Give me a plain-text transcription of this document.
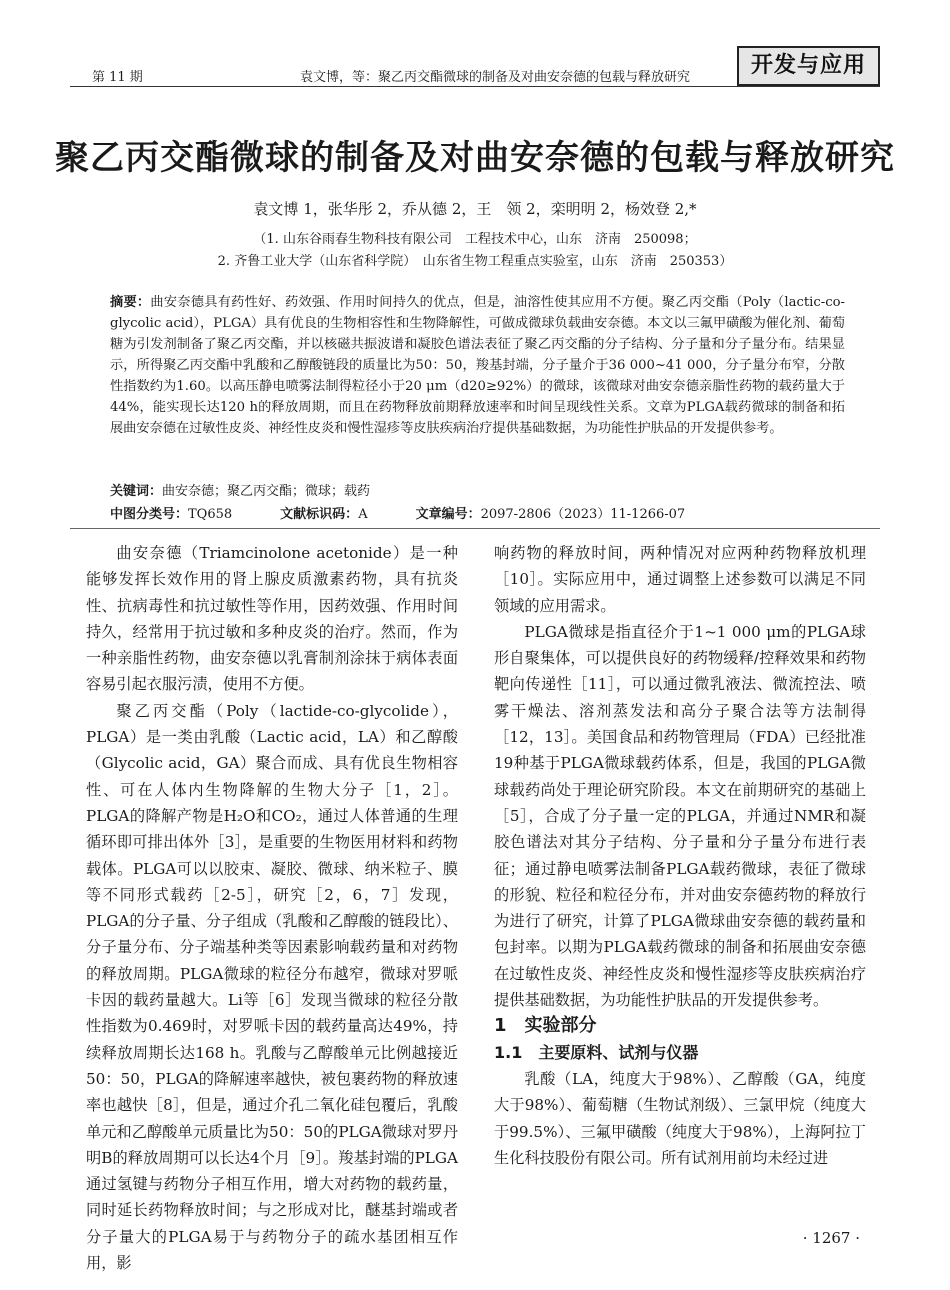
第 11 期	袁文博，等：聚乙丙交酯微球的制备及对曲安奈德的包载与释放研究	开发与应用
聚乙丙交酯微球的制备及对曲安奈德的包载与释放研究
袁文博 1，张华彤 2，乔从德 2，王　领 2，栾明明 2，杨效登 2,*
（1. 山东谷雨春生物科技有限公司　工程技术中心，山东　济南　250098；
2. 齐鲁工业大学（山东省科学院）　山东省生物工程重点实验室，山东　济南　250353）
摘要：曲安奈德具有药性好、药效强、作用时间持久的优点，但是，油溶性使其应用不方便。聚乙丙交酯（Poly（lactic-co-glycolic acid），PLGA）具有优良的生物相容性和生物降解性，可做成微球负载曲安奈德。本文以三氟甲磺酸为催化剂、葡萄糖为引发剂制备了聚乙丙交酯，并以核磁共振波谱和凝胶色谱法表征了聚乙丙交酯的分子结构、分子量和分子量分布。结果显示，所得聚乙丙交酯中乳酸和乙醇酸链段的质量比为50：50，羧基封端，分子量介于36 000~41 000，分子量分布窄，分散性指数约为1.60。以高压静电喷雾法制得粒径小于20 μm（d20≥92%）的微球，该微球对曲安奈德亲脂性药物的载药量大于44%，能实现长达120 h的释放周期，而且在药物释放前期释放速率和时间呈现线性关系。文章为PLGA载药微球的制备和拓展曲安奈德在过敏性皮炎、神经性皮炎和慢性湿疹等皮肤疾病治疗提供基础数据，为功能性护肤品的开发提供参考。
关键词：曲安奈德；聚乙丙交酯；微球；载药
中图分类号：TQ658	文献标识码：A	文章编号：2097-2806（2023）11-1266-07

曲安奈德（Triamcinolone acetonide）是一种能够发挥长效作用的肾上腺皮质激素药物，具有抗炎性、抗病毒性和抗过敏性等作用，因药效强、作用时间持久，经常用于抗过敏和多种皮炎的治疗。然而，作为一种亲脂性药物，曲安奈德以乳膏制剂涂抹于病体表面容易引起衣服污渍，使用不方便。

聚乙丙交酯（Poly（lactide-co-glycolide），PLGA）是一类由乳酸（Lactic acid，LA）和乙醇酸（Glycolic acid，GA）聚合而成、具有优良生物相容性、可在人体内生物降解的生物大分子［1，2］。PLGA的降解产物是H₂O和CO₂，通过人体普通的生理循环即可排出体外［3］，是重要的生物医用材料和药物载体。PLGA可以以胶束、凝胶、微球、纳米粒子、膜等不同形式载药［2-5］，研究［2，6，7］发现，PLGA的分子量、分子组成（乳酸和乙醇酸的链段比）、分子量分布、分子端基种类等因素影响载药量和对药物的释放周期。PLGA微球的粒径分布越窄，微球对罗哌卡因的载药量越大。Li等［6］发现当微球的粒径分散性指数为0.469时，对罗哌卡因的载药量高达49%，持续释放周期长达168 h。乳酸与乙醇酸单元比例越接近50：50，PLGA的降解速率越快，被包裹药物的释放速率也越快［8］，但是，通过介孔二氧化硅包覆后，乳酸单元和乙醇酸单元质量比为50：50的PLGA微球对罗丹明B的释放周期可以长达4个月［9］。羧基封端的PLGA通过氢键与药物分子相互作用，增大对药物的载药量，同时延长药物释放时间；与之形成对比，醚基封端或者分子量大的PLGA易于与药物分子的疏水基团相互作用，影

响药物的释放时间，两种情况对应两种药物释放机理［10］。实际应用中，通过调整上述参数可以满足不同领域的应用需求。

PLGA微球是指直径介于1~1 000 μm的PLGA球形自聚集体，可以提供良好的药物缓释/控释效果和药物靶向传递性［11］，可以通过微乳液法、微流控法、喷雾干燥法、溶剂蒸发法和高分子聚合法等方法制得［12，13］。美国食品和药物管理局（FDA）已经批准19种基于PLGA微球载药体系，但是，我国的PLGA微球载药尚处于理论研究阶段。本文在前期研究的基础上［5］，合成了分子量一定的PLGA，并通过NMR和凝胶色谱法对其分子结构、分子量和分子量分布进行表征；通过静电喷雾法制备PLGA载药微球，表征了微球的形貌、粒径和粒径分布，并对曲安奈德药物的释放行为进行了研究，计算了PLGA微球曲安奈德的载药量和包封率。以期为PLGA载药微球的制备和拓展曲安奈德在过敏性皮炎、神经性皮炎和慢性湿疹等皮肤疾病治疗提供基础数据，为功能性护肤品的开发提供参考。

1　实验部分

1.1　主要原料、试剂与仪器

乳酸（LA，纯度大于98%）、乙醇酸（GA，纯度大于98%）、葡萄糖（生物试剂级）、三氯甲烷（纯度大于99.5%）、三氟甲磺酸（纯度大于98%），上海阿拉丁生化科技股份有限公司。所有试剂用前均未经过进

· 1267 ·
